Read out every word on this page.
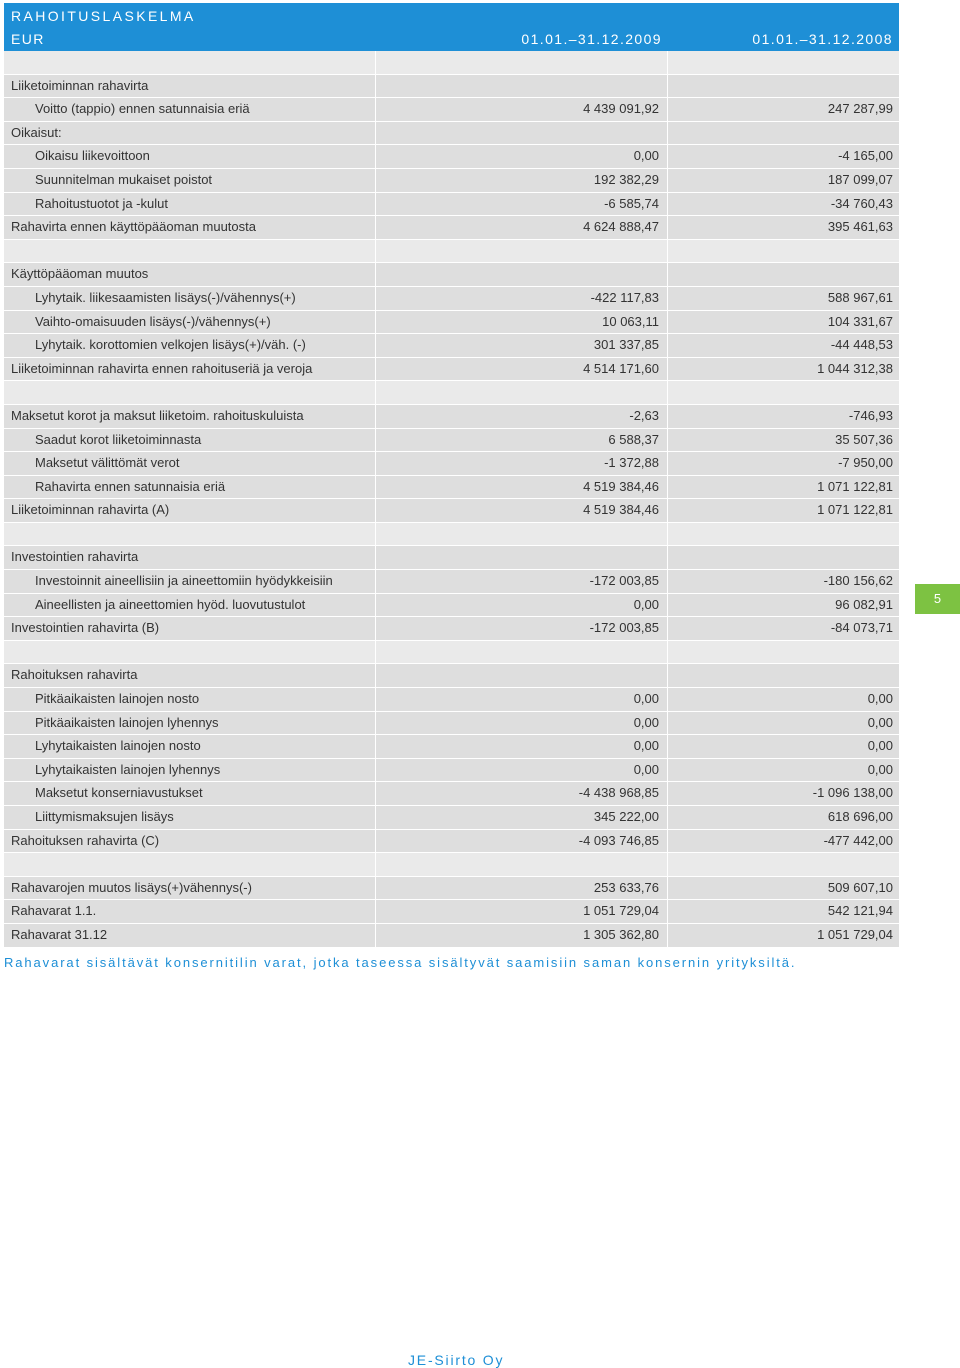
RAHOITUSLASKELMA
EUR	01.01.–31.12.2009	01.01.–31.12.2008
Liiketoiminnan rahavirta
Voitto (tappio) ennen satunnaisia eriä	4 439 091,92	247 287,99
Oikaisut:
Oikaisu liikevoittoon	0,00	-4 165,00
Suunnitelman mukaiset poistot	192 382,29	187 099,07
Rahoitustuotot ja -kulut	-6 585,74	-34 760,43
Rahavirta ennen käyttöpääoman muutosta	4 624 888,47	395 461,63
Käyttöpääoman muutos
Lyhytaik. liikesaamisten lisäys(-)/vähennys(+)	-422 117,83	588 967,61
Vaihto-omaisuuden lisäys(-)/vähennys(+)	10 063,11	104 331,67
Lyhytaik. korottomien velkojen lisäys(+)/väh. (-)	301 337,85	-44 448,53
Liiketoiminnan rahavirta ennen rahoituseriä ja veroja	4 514 171,60	1 044 312,38
Maksetut korot ja maksut liiketoim. rahoituskuluista	-2,63	-746,93
Saadut korot liiketoiminnasta	6 588,37	35 507,36
Maksetut välittömät verot	-1 372,88	-7 950,00
Rahavirta ennen satunnaisia eriä	4 519 384,46	1 071 122,81
Liiketoiminnan rahavirta (A)	4 519 384,46	1 071 122,81
Investointien rahavirta
Investoinnit aineellisiin ja aineettomiin hyödykkeisiin	-172 003,85	-180 156,62
Aineellisten ja aineettomien hyöd. luovutustulot	0,00	96 082,91
Investointien rahavirta (B)	-172 003,85	-84 073,71
Rahoituksen rahavirta
Pitkäaikaisten lainojen nosto	0,00	0,00
Pitkäaikaisten lainojen lyhennys	0,00	0,00
Lyhytaikaisten lainojen nosto	0,00	0,00
Lyhytaikaisten lainojen lyhennys	0,00	0,00
Maksetut konserniavustukset	-4 438 968,85	-1 096 138,00
Liittymismaksujen lisäys	345 222,00	618 696,00
Rahoituksen rahavirta (C)	-4 093 746,85	-477 442,00
Rahavarojen muutos lisäys(+)vähennys(-)	253 633,76	509 607,10
Rahavarat 1.1.	1 051 729,04	542 121,94
Rahavarat 31.12	1 305 362,80	1 051 729,04
Rahavarat sisältävät konsernitilin varat, jotka taseessa sisältyvät saamisiin saman konsernin yrityksiltä.
5
JE-Siirto Oy
